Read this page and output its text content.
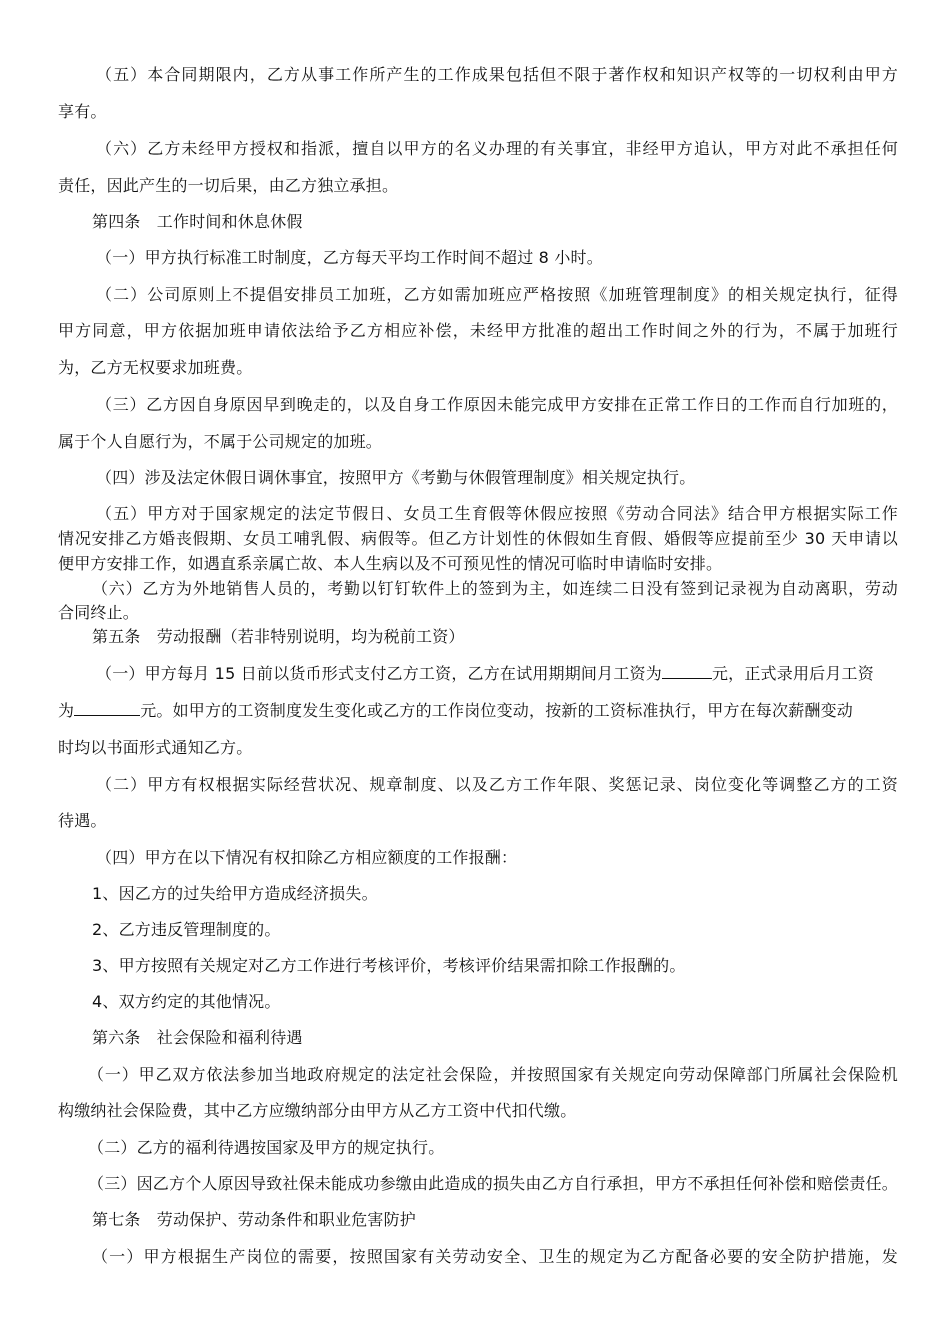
（五）本合同期限内，乙方从事工作所产生的工作成果包括但不限于著作权和知识产权等的一切权利由甲方
享有。
（六）乙方未经甲方授权和指派，擅自以甲方的名义办理的有关事宜，非经甲方追认，甲方对此不承担任何
责任，因此产生的一切后果，由乙方独立承担。
第四条　工作时间和休息休假
（一）甲方执行标准工时制度，乙方每天平均工作时间不超过 8 小时。
（二）公司原则上不提倡安排员工加班，乙方如需加班应严格按照《加班管理制度》的相关规定执行，征得
甲方同意，甲方依据加班申请依法给予乙方相应补偿，未经甲方批准的超出工作时间之外的行为，不属于加班行
为，乙方无权要求加班费。
（三）乙方因自身原因早到晚走的，以及自身工作原因未能完成甲方安排在正常工作日的工作而自行加班的，
属于个人自愿行为，不属于公司规定的加班。
（四）涉及法定休假日调休事宜，按照甲方《考勤与休假管理制度》相关规定执行。
（五）甲方对于国家规定的法定节假日、女员工生育假等休假应按照《劳动合同法》结合甲方根据实际工作
情况安排乙方婚丧假期、女员工哺乳假、病假等。但乙方计划性的休假如生育假、婚假等应提前至少 30 天申请以
便甲方安排工作，如遇直系亲属亡故、本人生病以及不可预见性的情况可临时申请临时安排。
（六）乙方为外地销售人员的，考勤以钉钉软件上的签到为主，如连续二日没有签到记录视为自动离职，劳动
合同终止。
第五条　劳动报酬（若非特别说明，均为税前工资）
（一）甲方每月 15 日前以货币形式支付乙方工资，乙方在试用期期间月工资为	元，正式录用后月工资
为	元。如甲方的工资制度发生变化或乙方的工作岗位变动，按新的工资标准执行，甲方在每次薪酬变动
时均以书面形式通知乙方。
（二）甲方有权根据实际经营状况、规章制度、以及乙方工作年限、奖惩记录、岗位变化等调整乙方的工资
待遇。
（四）甲方在以下情况有权扣除乙方相应额度的工作报酬：
1、因乙方的过失给甲方造成经济损失。
2、乙方违反管理制度的。
3、甲方按照有关规定对乙方工作进行考核评价，考核评价结果需扣除工作报酬的。
4、双方约定的其他情况。
第六条　社会保险和福利待遇
（一）甲乙双方依法参加当地政府规定的法定社会保险，并按照国家有关规定向劳动保障部门所属社会保险机
构缴纳社会保险费，其中乙方应缴纳部分由甲方从乙方工资中代扣代缴。
（二）乙方的福利待遇按国家及甲方的规定执行。
（三）因乙方个人原因导致社保未能成功参缴由此造成的损失由乙方自行承担，甲方不承担任何补偿和赔偿责任。
第七条　劳动保护、劳动条件和职业危害防护
（一）甲方根据生产岗位的需要，按照国家有关劳动安全、卫生的规定为乙方配备必要的安全防护措施，发
